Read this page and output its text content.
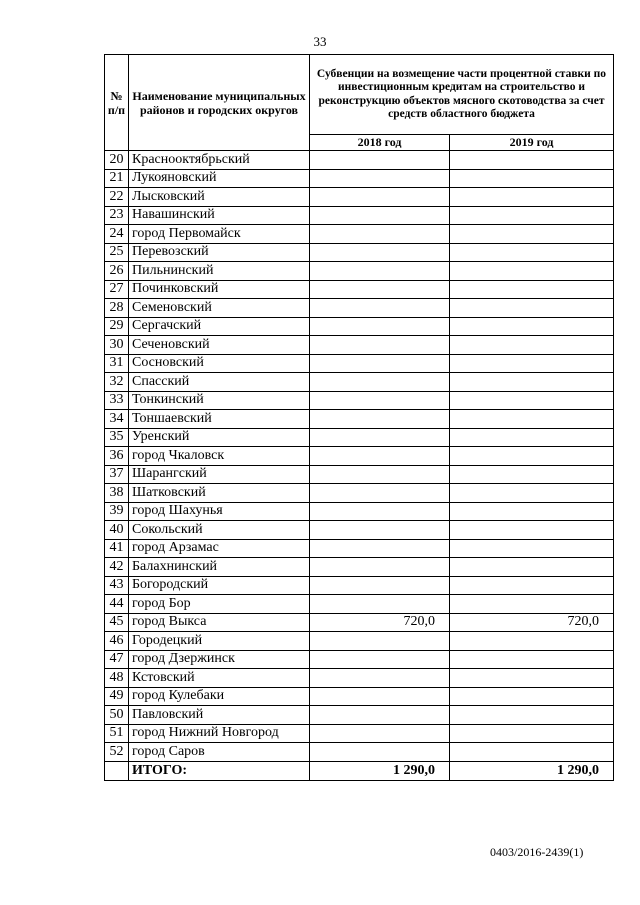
33
№ п/п	Наименование муниципальных районов и городских округов	Субвенции на возмещение части процентной ставки по инвестиционным кредитам на строительство и реконструкцию объектов мясного скотоводства за счет средств областного бюджета	
		2018 год	2019 год
20	Краснооктябрьский		
21	Лукояновский		
22	Лысковский		
23	Навашинский		
24	город Первомайск		
25	Перевозский		
26	Пильнинский		
27	Починковский		
28	Семеновский		
29	Сергачский		
30	Сеченовский		
31	Сосновский		
32	Спасский		
33	Тонкинский		
34	Тоншаевский		
35	Уренский		
36	город Чкаловск		
37	Шарангский		
38	Шатковский		
39	город Шахунья		
40	Сокольский		
41	город Арзамас		
42	Балахнинский		
43	Богородский		
44	город Бор		
45	город Выкса	720,0	720,0
46	Городецкий		
47	город Дзержинск		
48	Кстовский		
49	город Кулебаки		
50	Павловский		
51	город Нижний Новгород		
52	город Саров		
	ИТОГО:	1 290,0	1 290,0
0403/2016-2439(1)
